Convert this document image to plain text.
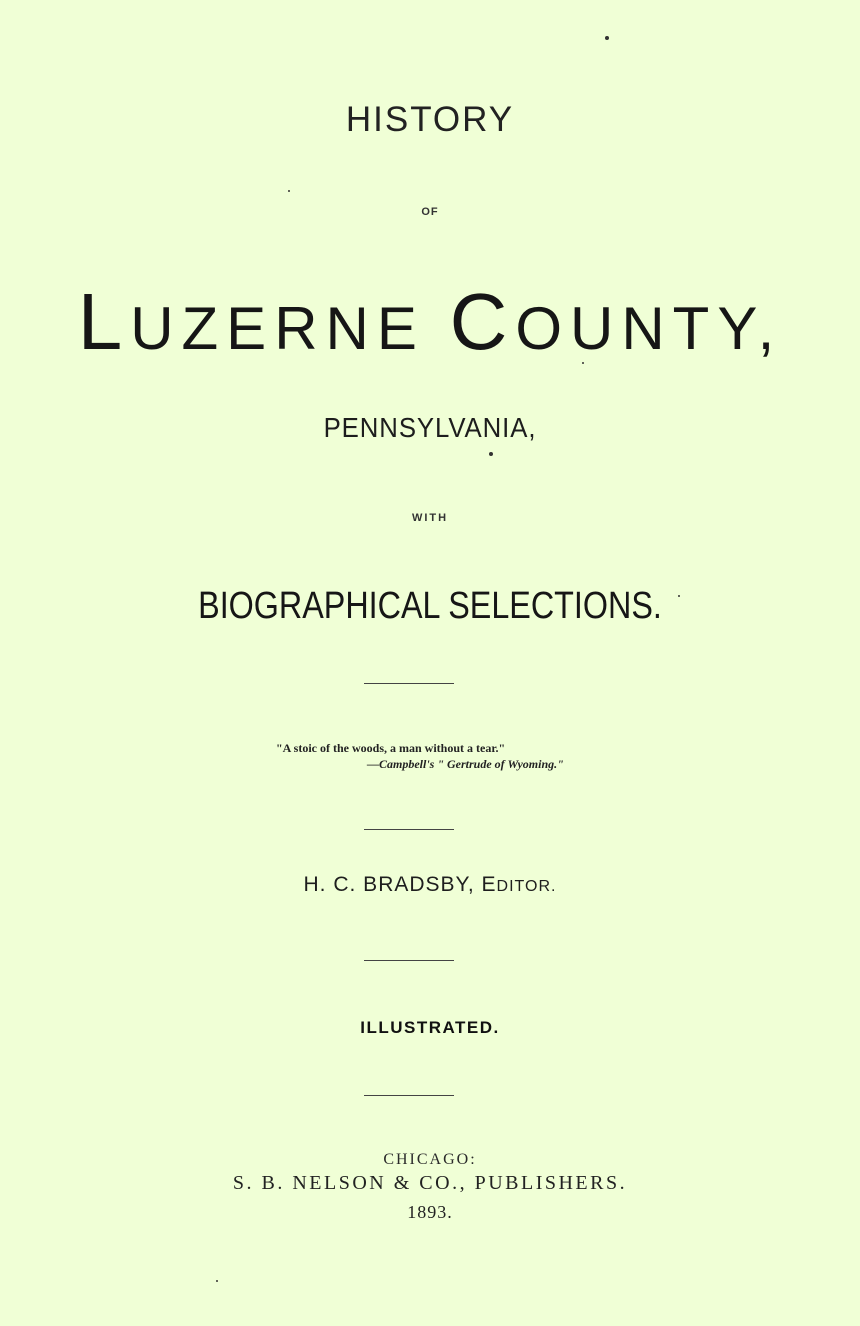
HISTORY
OF
LUZERNE COUNTY,
PENNSYLVANIA,
WITH
BIOGRAPHICAL SELECTIONS.
"A stoic of the woods, a man without a tear."
—Campbell's " Gertrude of Wyoming."
H. C. BRADSBY, EDITOR.
ILLUSTRATED.
CHICAGO:
S. B. NELSON & CO., PUBLISHERS.
1893.
